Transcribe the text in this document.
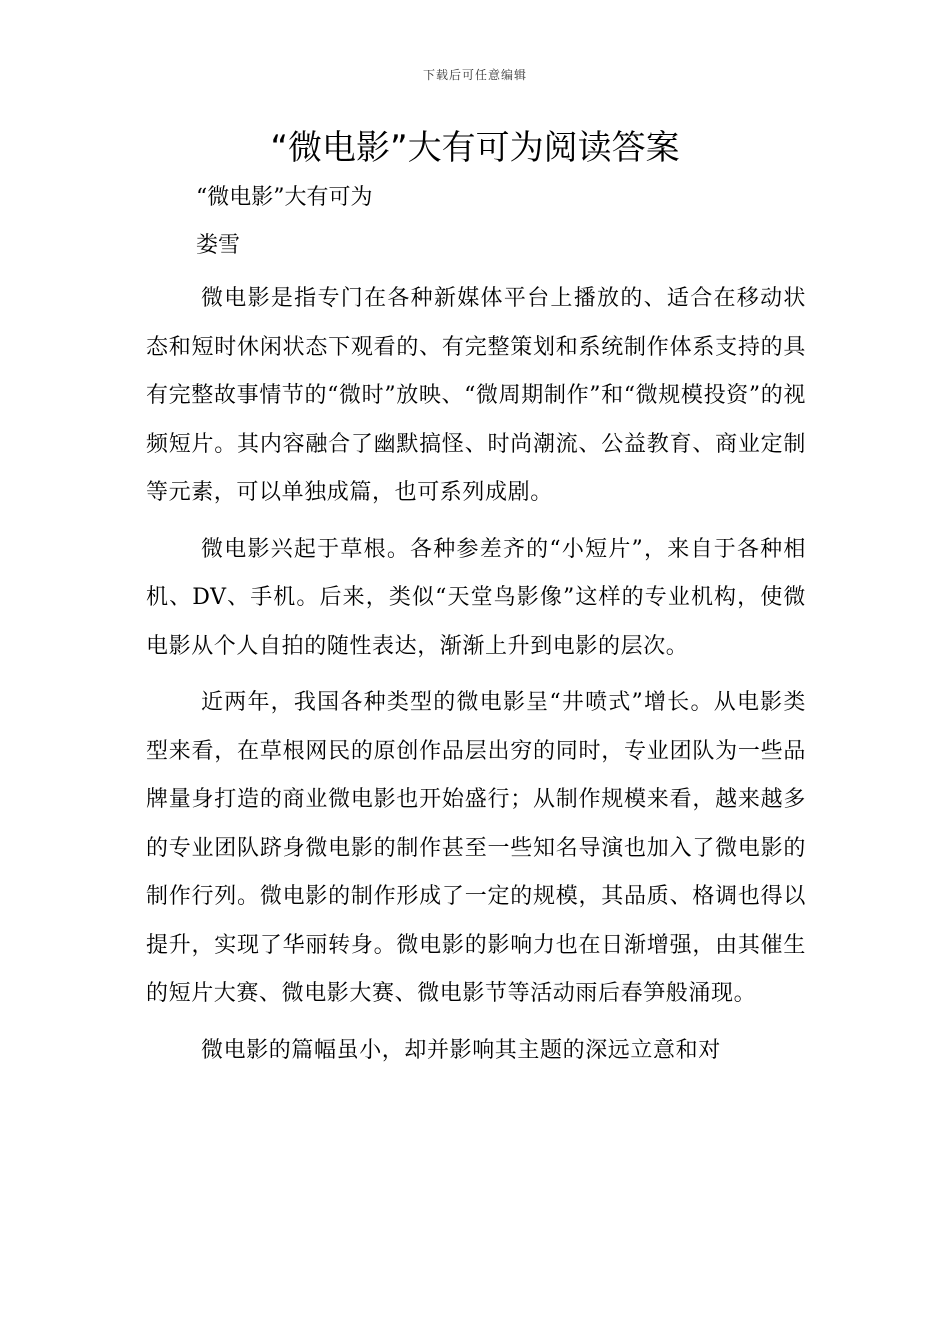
下载后可任意编辑
“微电影”大有可为阅读答案

“微电影”大有可为

娄雪

微电影是指专门在各种新媒体平台上播放的、适合在移动状态和短时休闲状态下观看的、有完整策划和系统制作体系支持的具有完整故事情节的“微时”放映、“微周期制作”和“微规模投资”的视频短片。其内容融合了幽默搞怪、时尚潮流、公益教育、商业定制等元素，可以单独成篇，也可系列成剧。

微电影兴起于草根。各种参差齐的“小短片”，来自于各种相机、DV、手机。后来，类似“天堂鸟影像”这样的专业机构，使微电影从个人自拍的随性表达，渐渐上升到电影的层次。

近两年，我国各种类型的微电影呈“井喷式”增长。从电影类型来看，在草根网民的原创作品层出穷的同时，专业团队为一些品牌量身打造的商业微电影也开始盛行；从制作规模来看，越来越多的专业团队跻身微电影的制作甚至一些知名导演也加入了微电影的制作行列。微电影的制作形成了一定的规模，其品质、格调也得以提升，实现了华丽转身。微电影的影响力也在日渐增强，由其催生的短片大赛、微电影大赛、微电影节等活动雨后春笋般涌现。

微电影的篇幅虽小，却并影响其主题的深远立意和对
